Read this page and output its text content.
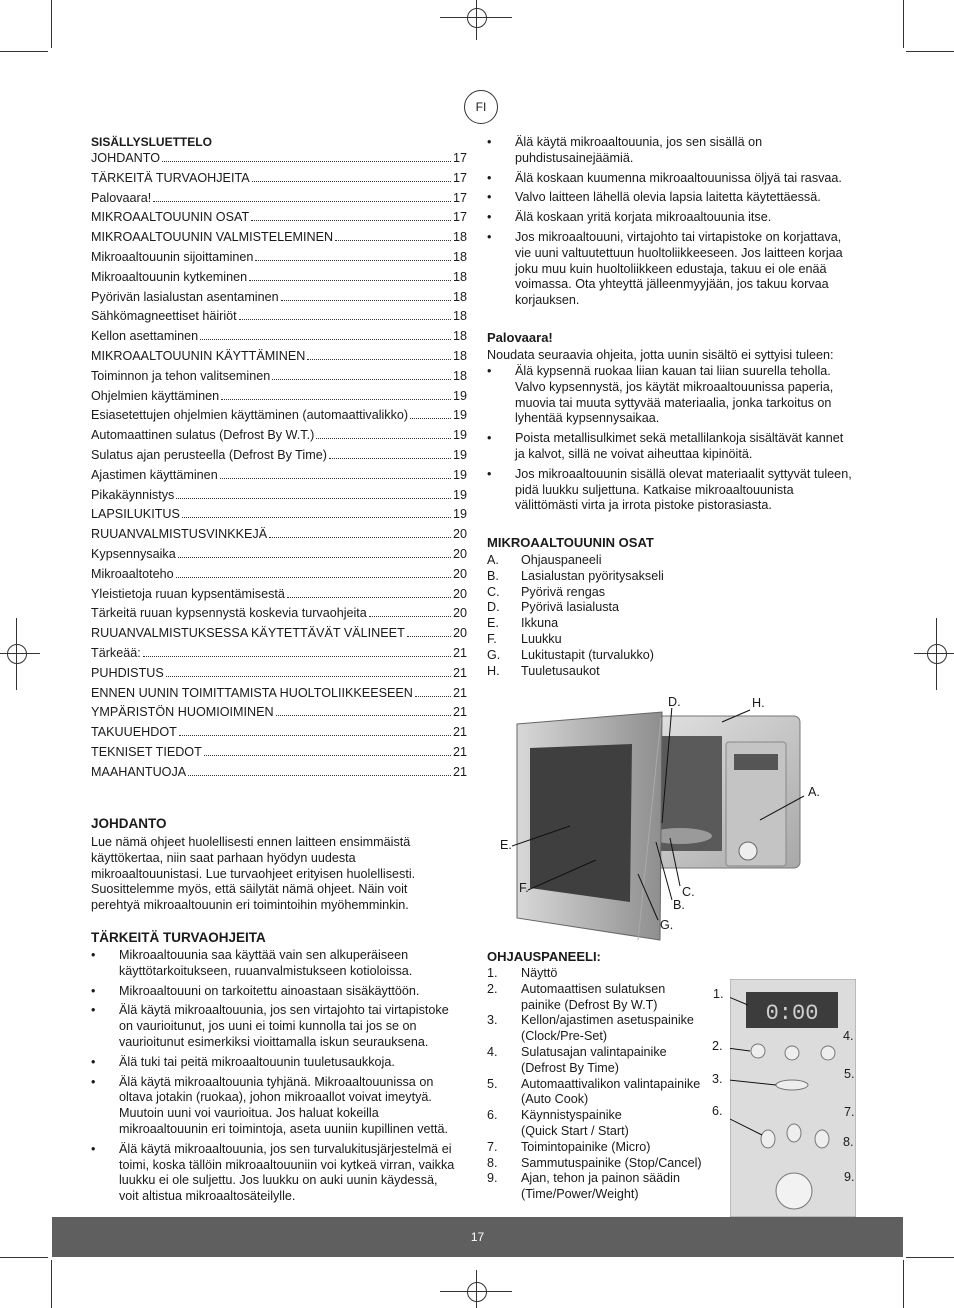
FI
SISÄLLYSLUETTELO
JOHDANTO	17
TÄRKEITÄ TURVAOHJEITA	17
Palovaara!	17
MIKROAALTOUUNIN OSAT	17
MIKROAALTOUUNIN VALMISTELEMINEN	18
Mikroaaltouunin sijoittaminen	18
Mikroaaltouunin kytkeminen	18
Pyörivän lasialustan asentaminen	18
Sähkömagneettiset häiriöt	18
Kellon asettaminen	18
MIKROAALTOUUNIN KÄYTTÄMINEN	18
Toiminnon ja tehon valitseminen	18
Ohjelmien käyttäminen	19
Esiasetettujen ohjelmien käyttäminen (automaattivalikko)	19
Automaattinen sulatus (Defrost By W.T.)	19
Sulatus ajan perusteella (Defrost By Time)	19
Ajastimen käyttäminen	19
Pikakäynnistys	19
LAPSILUKITUS	19
RUUANVALMISTUSVINKKEJÄ	20
Kypsennysaika	20
Mikroaaltoteho	20
Yleistietoja ruuan kypsentämisestä	20
Tärkeitä ruuan kypsennystä koskevia turvaohjeita	20
RUUANVALMISTUKSESSA KÄYTETTÄVÄT VÄLINEET	20
Tärkeää:	21
PUHDISTUS	21
ENNEN UUNIN TOIMITTAMISTA HUOLTOLIIKKEESEEN	21
YMPÄRISTÖN HUOMIOIMINEN	21
TAKUUEHDOT	21
TEKNISET TIEDOT	21
MAAHANTUOJA	21
JOHDANTO
Lue nämä ohjeet huolellisesti ennen laitteen ensimmäistä
käyttökertaa, niin saat parhaan hyödyn uudesta
mikroaaltouunistasi. Lue turvaohjeet erityisen huolellisesti.
Suosittelemme myös, että säilytät nämä ohjeet. Näin voit
perehtyä mikroaaltouunin eri toimintoihin myöhemminkin.
TÄRKEITÄ TURVAOHJEITA
•	Mikroaaltouunia saa käyttää vain sen alkuperäiseen
käyttötarkoitukseen, ruuanvalmistukseen kotioloissa.
•	Mikroaaltouuni on tarkoitettu ainoastaan sisäkäyttöön.
•	Älä käytä mikroaaltouunia, jos sen virtajohto tai virtapistoke
on vaurioitunut, jos uuni ei toimi kunnolla tai jos se on
vaurioitunut esimerkiksi vioittamalla iskun seurauksena.
•	Älä tuki tai peitä mikroaaltouunin tuuletusaukkoja.
•	Älä käytä mikroaaltouunia tyhjänä. Mikroaaltouunissa on
oltava jotakin (ruokaa), johon mikroaallot voivat imeytyä.
Muutoin uuni voi vaurioitua. Jos haluat kokeilla
mikroaaltouunin eri toimintoja, aseta uuniin kupillinen vettä.
•	Älä käytä mikroaaltouunia, jos sen turvalukitusjärjestelmä ei
toimi, koska tällöin mikroaaltouuniin voi kytkeä virran, vaikka
luukku ei ole suljettu. Jos luukku on auki uunin käydessä,
voit altistua mikroaaltosäteilylle.
•	Älä käytä mikroaaltouunia, jos sen sisällä on
puhdistusainejäämiä.
•	Älä koskaan kuumenna mikroaaltouunissa öljyä tai rasvaa.
•	Valvo laitteen lähellä olevia lapsia laitetta käytettäessä.
•	Älä koskaan yritä korjata mikroaaltouunia itse.
•	Jos mikroaaltouuni, virtajohto tai virtapistoke on korjattava,
vie uuni valtuutettuun huoltoliikkeeseen. Jos laitteen korjaa
joku muu kuin huoltoliikkeen edustaja, takuu ei ole enää
voimassa. Ota yhteyttä jälleenmyyjään, jos takuu korvaa
korjauksen.
Palovaara!
Noudata seuraavia ohjeita, jotta uunin sisältö ei syttyisi tuleen:
•	Älä kypsennä ruokaa liian kauan tai liian suurella teholla.
Valvo kypsennystä, jos käytät mikroaaltouunissa paperia,
muovia tai muuta syttyvää materiaalia, jonka tarkoitus on
lyhentää kypsennysaikaa.
•	Poista metallisulkimet sekä metallilankoja sisältävät kannet
ja kalvot, sillä ne voivat aiheuttaa kipinöitä.
•	Jos mikroaaltouunin sisällä olevat materiaalit syttyvät tuleen,
pidä luukku suljettuna. Katkaise mikroaaltouunista
välittömästi virta ja irrota pistoke pistorasiasta.
MIKROAALTOUUNIN OSAT
A.	Ohjauspaneeli
B.	Lasialustan pyöritysakseli
C.	Pyörivä rengas
D.	Pyörivä lasialusta
E.	Ikkuna
F.	Luukku
G.	Lukitustapit (turvalukko)
H.	Tuuletusaukot
D.	H.
A.
E.
F.	C.
B.
G.
OHJAUSPANEELI:
1.	Näyttö
2.	Automaattisen sulatuksen
painike (Defrost By W.T)
3.	Kellon/ajastimen asetuspainike
(Clock/Pre-Set)
4.	Sulatusajan valintapainike
(Defrost By Time)
5.	Automaattivalikon valintapainike
(Auto Cook)
6.	Käynnistyspainike
(Quick Start / Start)
7.	Toimintopainike (Micro)
8.	Sammutuspainike (Stop/Cancel)
9.	Ajan, tehon ja painon säädin
(Time/Power/Weight)
0:00
1.
2.
3.
4.
5.
6.	7.
8.
9.
17
